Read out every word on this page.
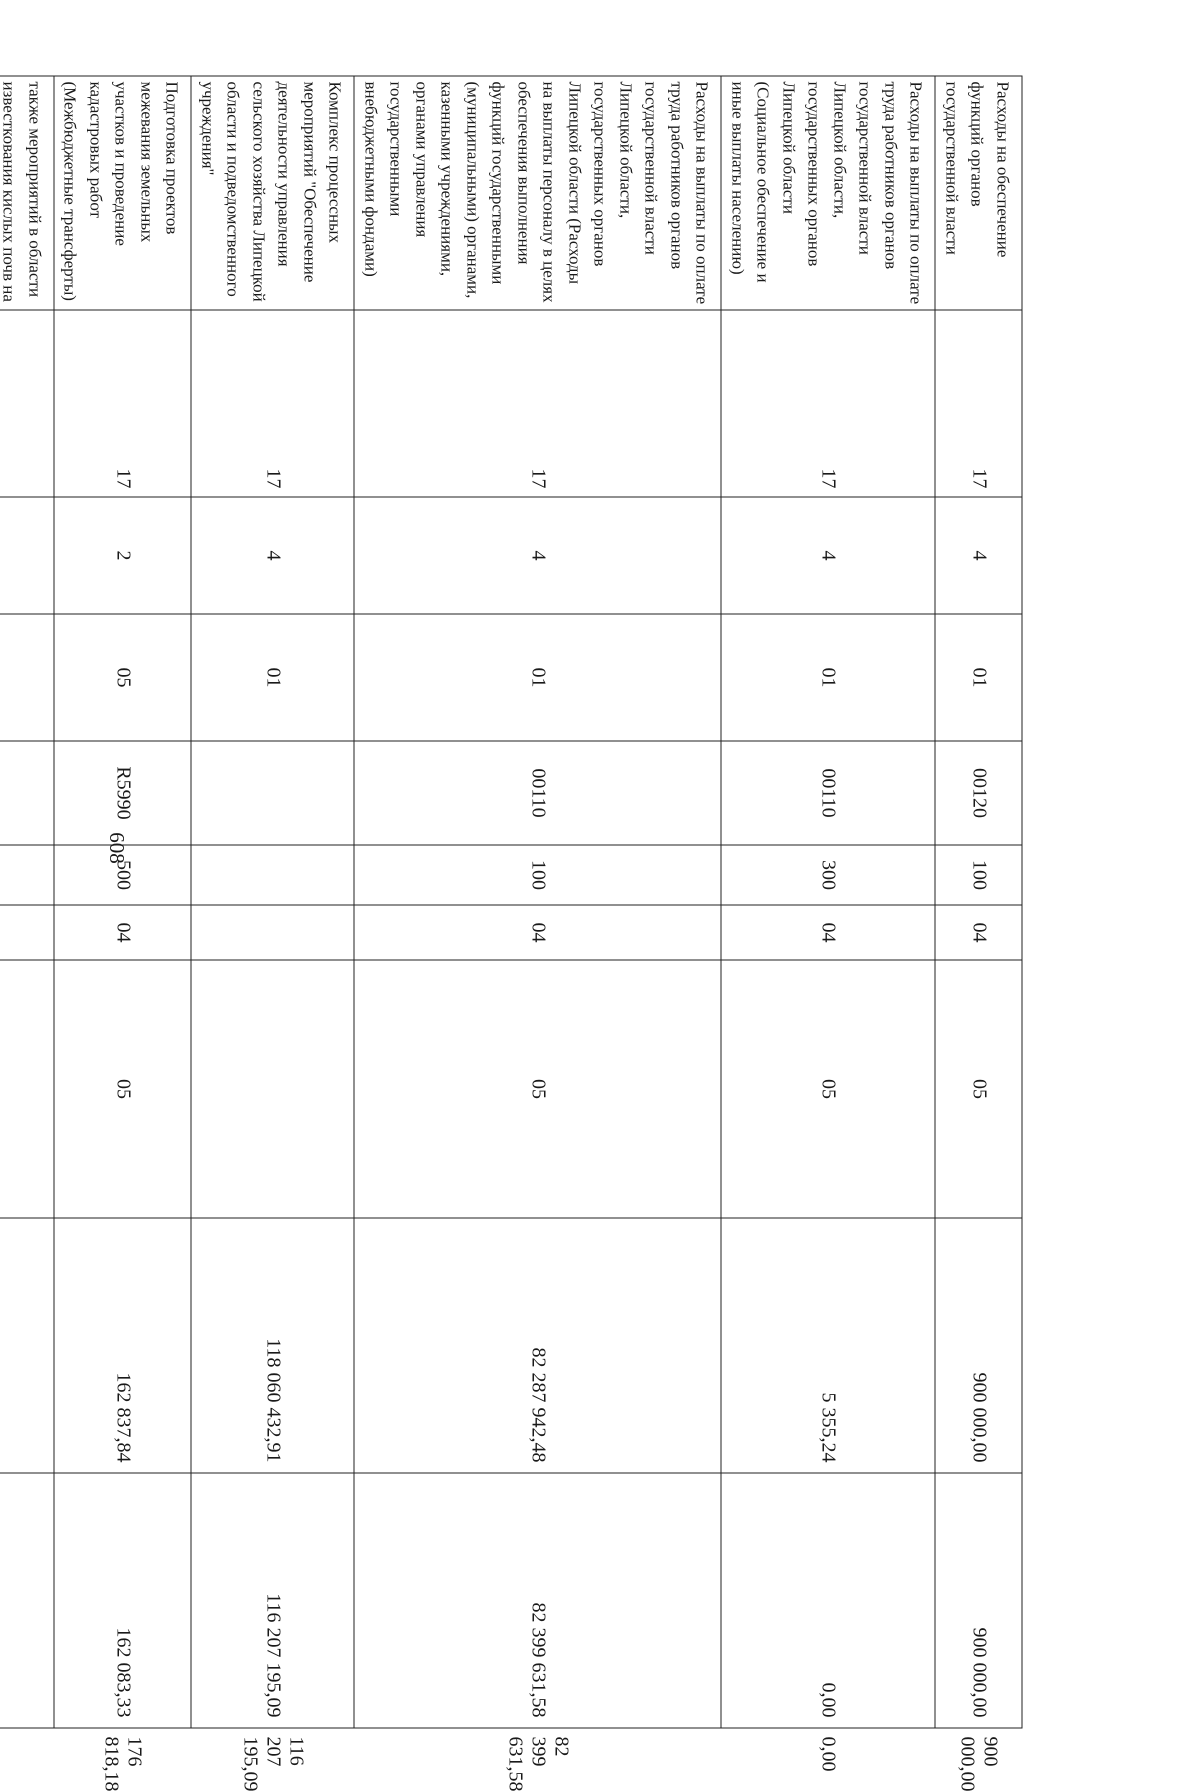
608
Расходы на обеспечение функций органов государственной власти	17	4	01	00120	100	04	05	900 000,00	900 000,00	900 000,00
Расходы на выплаты по оплате труда работников органов государственной власти Липецкой области, государственных органов Липецкой области (Социальное обеспечение и иные выплаты населению)	17	4	01	00110	300	04	05	5 355,24	0,00	0,00
Расходы на выплаты по оплате труда работников органов государственной власти Липецкой области, государственных органов Липецкой области (Расходы на выплаты персоналу в целях обеспечения выполнения функций государственными (муниципальными) органами, казенными учреждениями, органами управления государственными внебюджетными фондами)	17	4	01	00110	100	04	05	82 287 942,48	82 399 631,58	82 399 631,58
Комплекс процессных мероприятий "Обеспечение деятельности управления сельского хозяйства Липецкой области и подведомственного учреждения"	17	4	01					118 060 432,91	116 207 195,09	116 207 195,09
Подготовка проектов межевания земельных участков и проведение кадастровых работ (Межбюджетные трансферты)	17	2	05	R5990	500	04	05	162 837,84	162 083,33	176 818,18
также мероприятий в области известкования кислых почв на										
